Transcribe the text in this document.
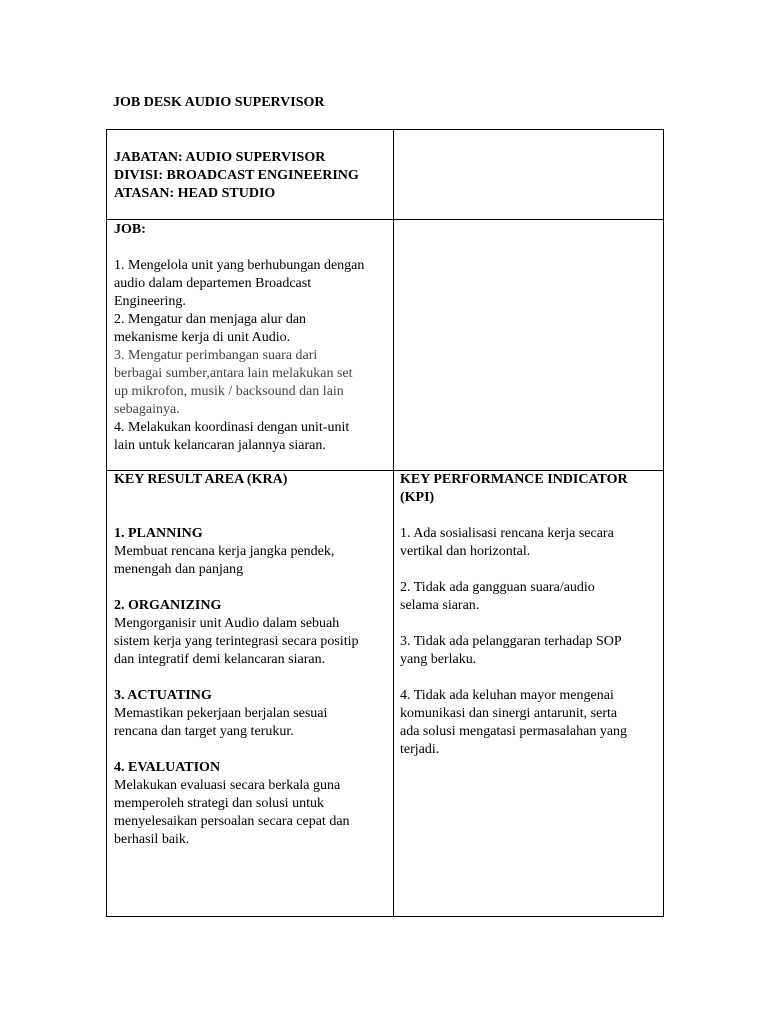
JOB DESK AUDIO SUPERVISOR
JABATAN: AUDIO SUPERVISOR
DIVISI: BROADCAST ENGINEERING
ATASAN: HEAD STUDIO
JOB:
1. Mengelola unit yang berhubungan dengan
audio dalam departemen Broadcast
Engineering.
2. Mengatur dan menjaga alur dan
mekanisme kerja di unit Audio.
3. Mengatur perimbangan suara dari
berbagai sumber,antara lain melakukan set
up mikrofon, musik / backsound dan lain
sebagainya.
4. Melakukan koordinasi dengan unit-unit
lain untuk kelancaran jalannya siaran.
KEY RESULT AREA (KRA)
1. PLANNING
Membuat rencana kerja jangka pendek,
menengah dan panjang
2. ORGANIZING
Mengorganisir unit Audio dalam sebuah
sistem kerja yang terintegrasi secara positip
dan integratif demi kelancaran siaran.
3. ACTUATING
Memastikan pekerjaan berjalan sesuai
rencana dan target yang terukur.
4. EVALUATION
Melakukan evaluasi secara berkala guna
memperoleh strategi dan solusi untuk
menyelesaikan persoalan secara cepat dan
berhasil baik.
KEY PERFORMANCE INDICATOR
(KPI)
1. Ada sosialisasi rencana kerja secara
vertikal dan horizontal.
2. Tidak ada gangguan suara/audio
selama siaran.
3. Tidak ada pelanggaran terhadap SOP
yang berlaku.
4. Tidak ada keluhan mayor mengenai
komunikasi dan sinergi antarunit, serta
ada solusi mengatasi permasalahan yang
terjadi.
